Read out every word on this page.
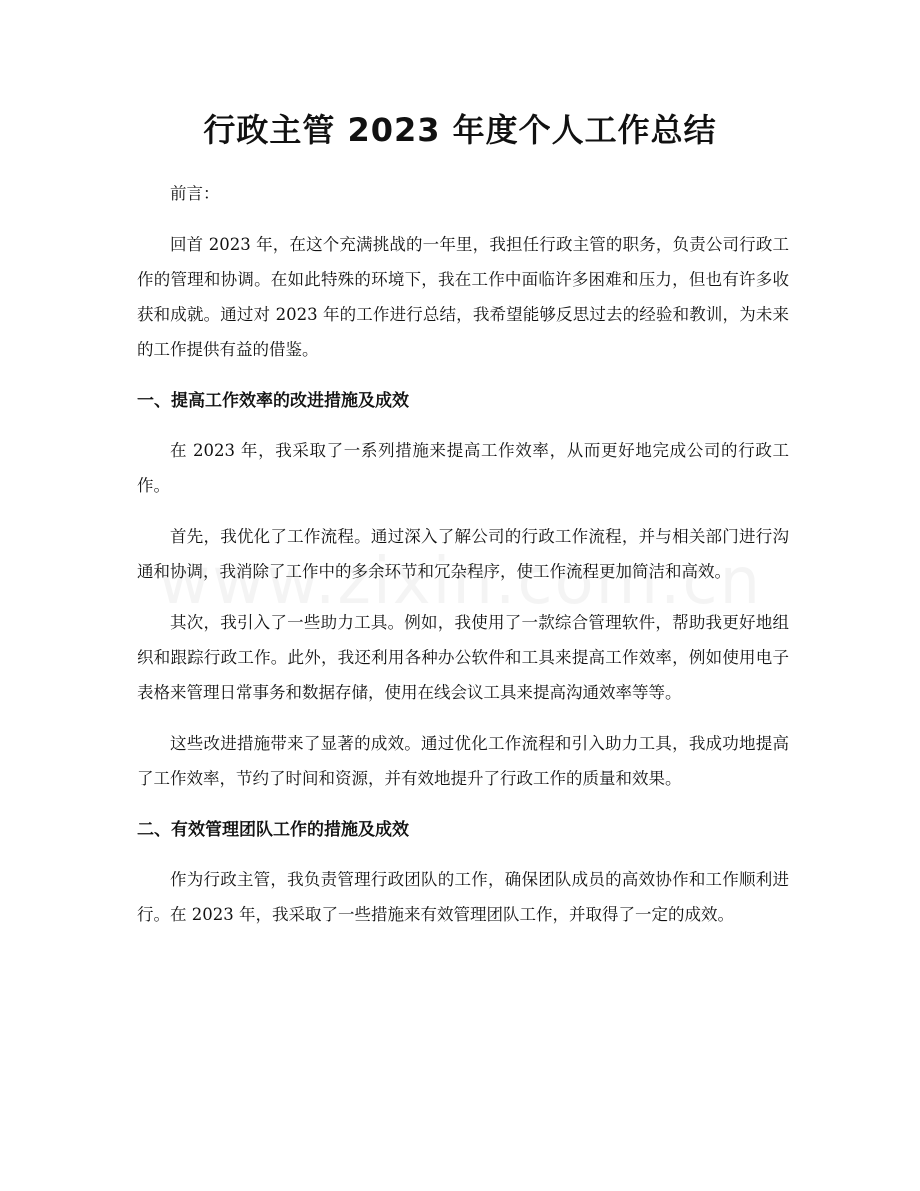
行政主管 2023 年度个人工作总结

前言：

回首 2023 年，在这个充满挑战的一年里，我担任行政主管的职务，负责公司行政工作的管理和协调。在如此特殊的环境下，我在工作中面临许多困难和压力，但也有许多收获和成就。通过对 2023 年的工作进行总结，我希望能够反思过去的经验和教训，为未来的工作提供有益的借鉴。

一、提高工作效率的改进措施及成效

在 2023 年，我采取了一系列措施来提高工作效率，从而更好地完成公司的行政工作。

首先，我优化了工作流程。通过深入了解公司的行政工作流程，并与相关部门进行沟通和协调，我消除了工作中的多余环节和冗杂程序，使工作流程更加简洁和高效。

其次，我引入了一些助力工具。例如，我使用了一款综合管理软件，帮助我更好地组织和跟踪行政工作。此外，我还利用各种办公软件和工具来提高工作效率，例如使用电子表格来管理日常事务和数据存储，使用在线会议工具来提高沟通效率等等。

这些改进措施带来了显著的成效。通过优化工作流程和引入助力工具，我成功地提高了工作效率，节约了时间和资源，并有效地提升了行政工作的质量和效果。

二、有效管理团队工作的措施及成效

作为行政主管，我负责管理行政团队的工作，确保团队成员的高效协作和工作顺利进行。在 2023 年，我采取了一些措施来有效管理团队工作，并取得了一定的成效。
